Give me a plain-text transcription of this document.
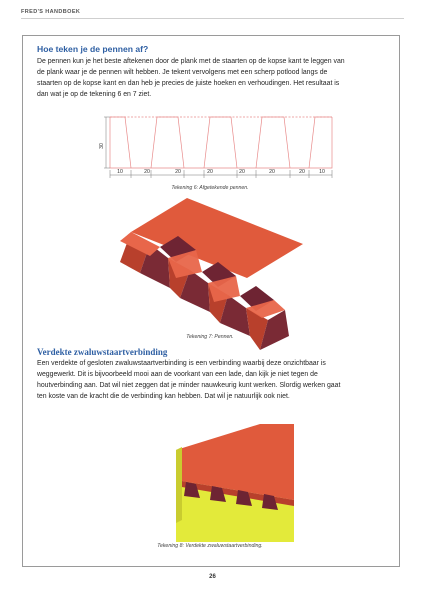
FRED'S HANDBOEK
Hoe teken je de pennen af?
De pennen kun je het beste aftekenen door de plank met de staarten op de kopse kant te leggen van
de plank waar je de pennen wilt hebben. Je tekent vervolgens met een scherp potlood langs de
staarten op de kopse kant en dan heb je precies de juiste hoeken en verhoudingen. Het resultaat is
dan wat je op de tekening 6 en 7 ziet.
30
10	20	20	20	20	20	20	10
Tekening 6: Afgetekende pennen.
Tekening 7: Pennen.
Verdekte zwaluwstaartverbinding

Een verdekte of gesloten zwaluwstaartverbinding is een verbinding waarbij deze onzichtbaar is

weggewerkt. Dit is bijvoorbeeld mooi aan de voorkant van een lade, dan kijk je niet tegen de

houtverbinding aan. Dat wil niet zeggen dat je minder nauwkeurig kunt werken. Slordig werken gaat

ten koste van de kracht die de verbinding kan hebben. Dat wil je natuurlijk ook niet.

Tekening 8: Verdekte zwaluwstaartverbinding.
26
